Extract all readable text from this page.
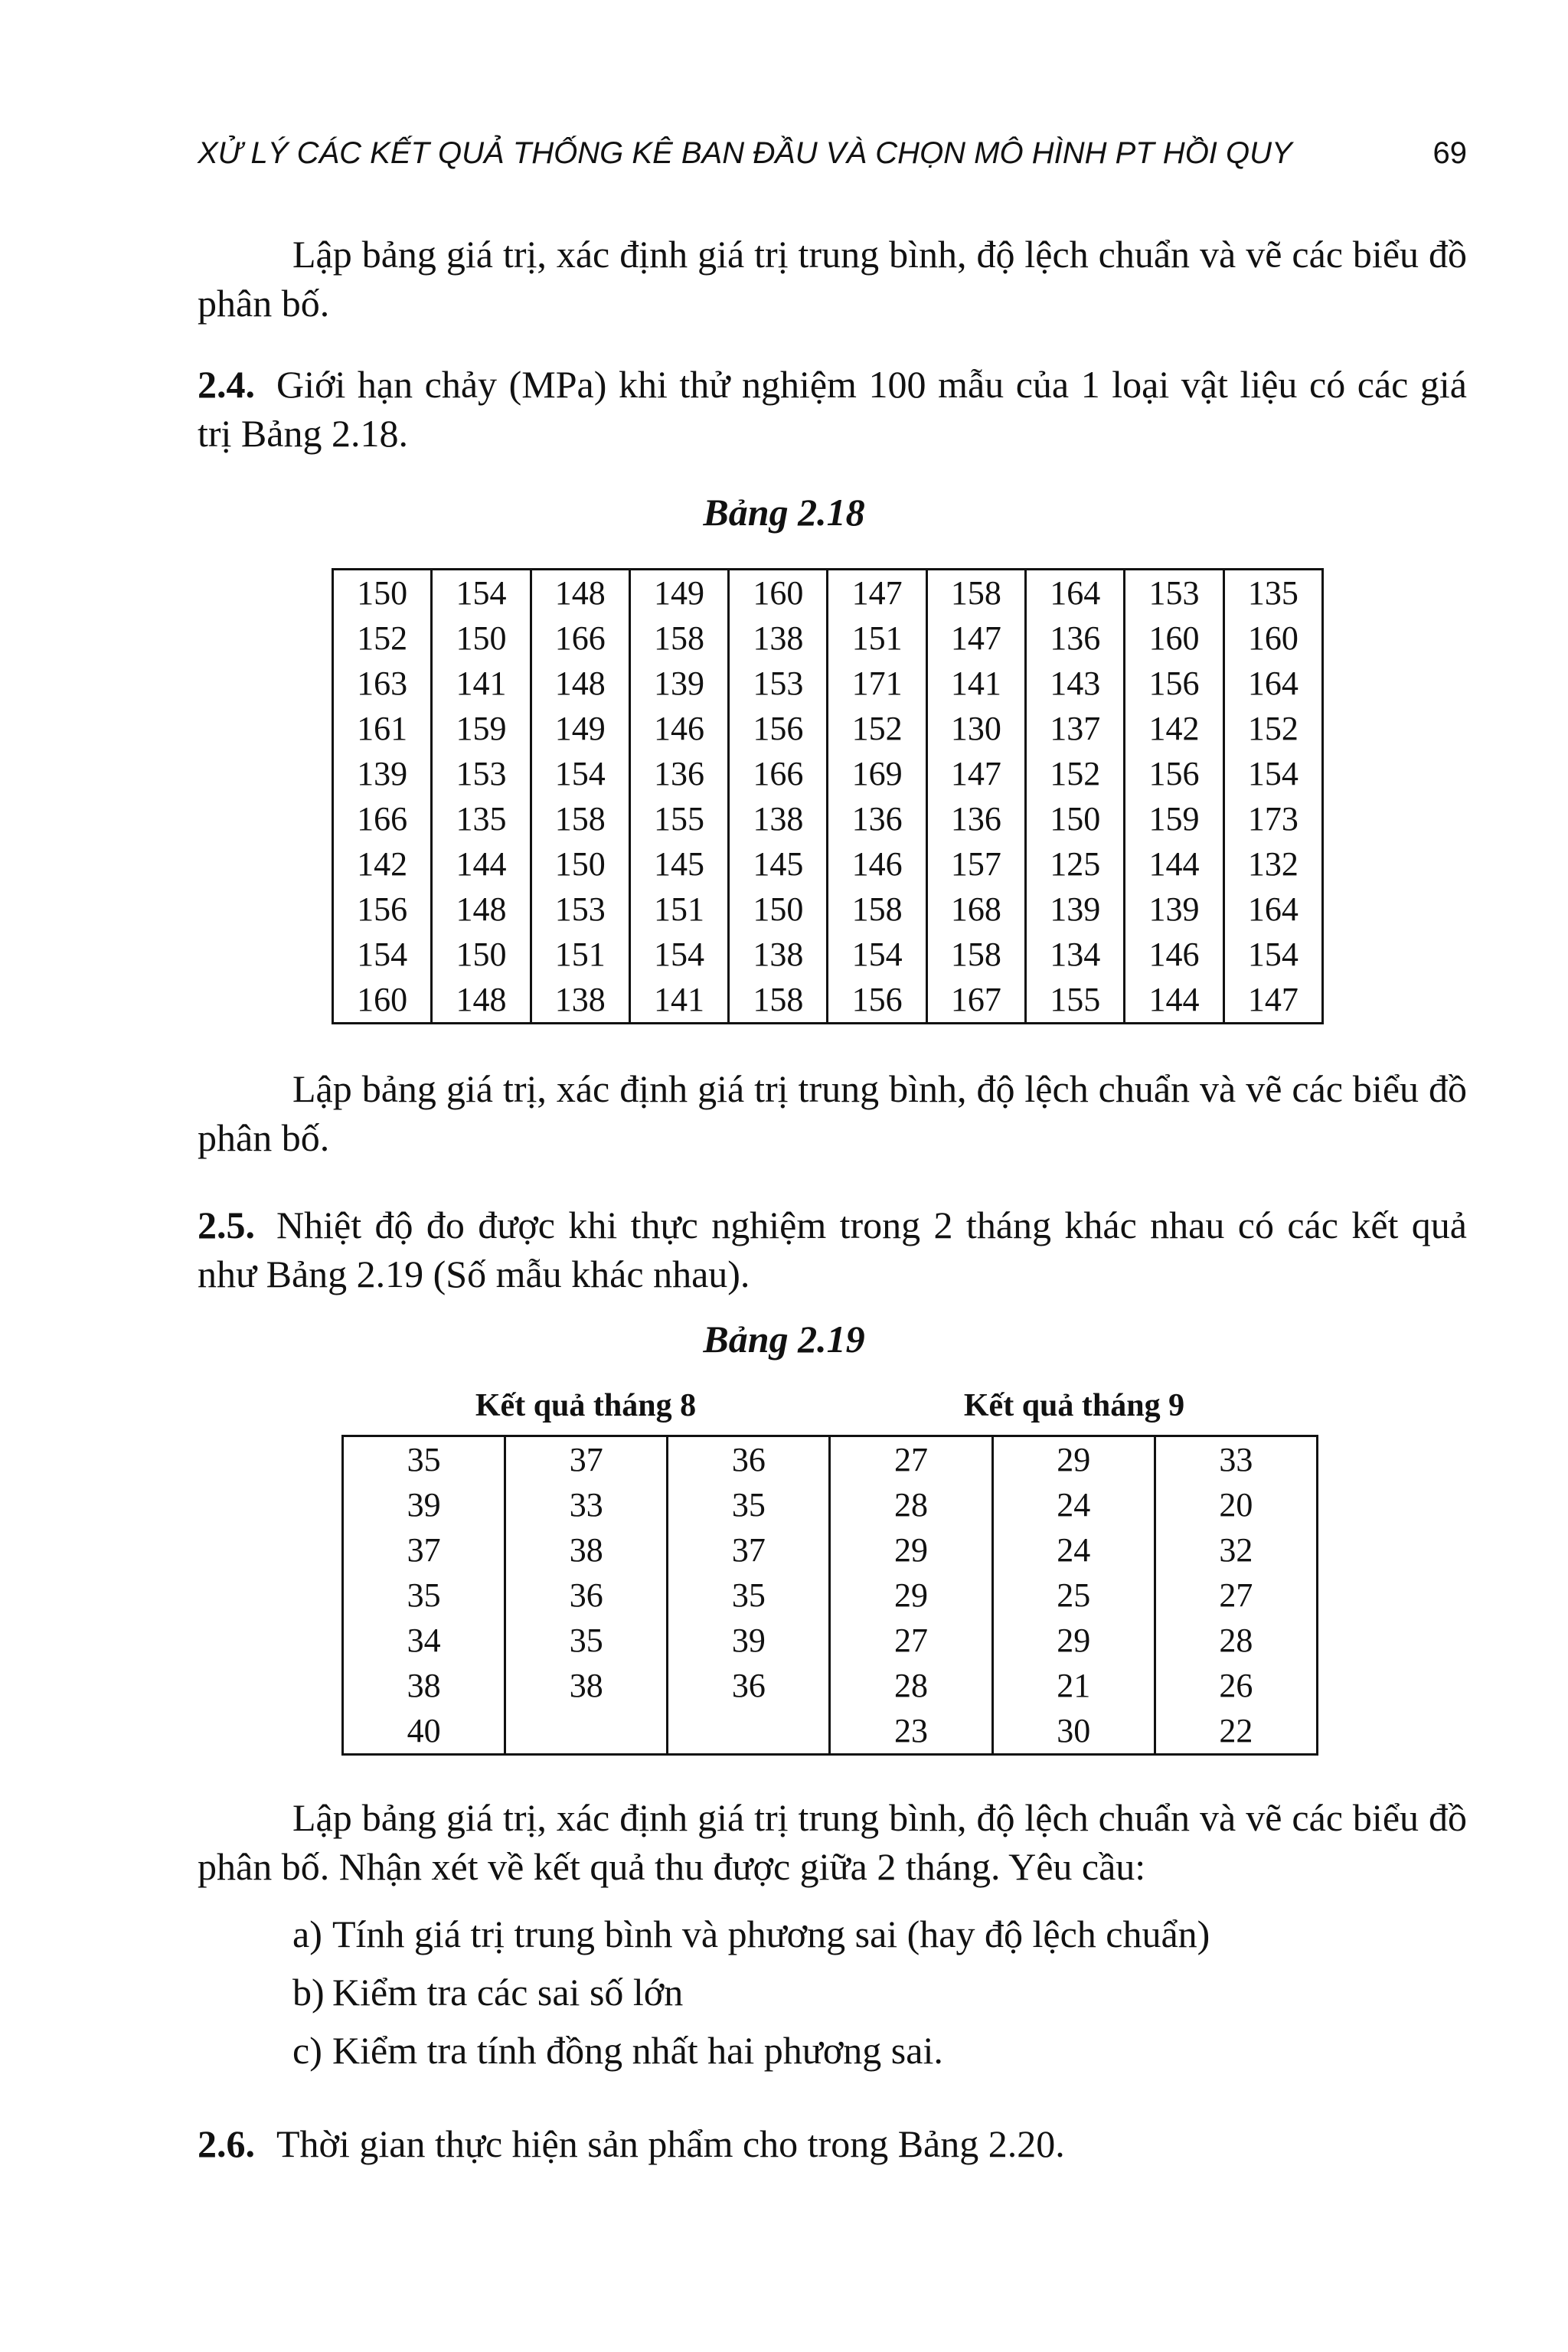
XỬ LÝ CÁC KẾT QUẢ THỐNG KÊ BAN ĐẦU VÀ CHỌN MÔ HÌNH PT HỒI QUY	69

Lập bảng giá trị, xác định giá trị trung bình, độ lệch chuẩn và vẽ các biểu đồ phân bố.

2.4. Giới hạn chảy (MPa) khi thử nghiệm 100 mẫu của 1 loại vật liệu có các giá trị Bảng 2.18.

Bảng 2.18
150	154	148	149	160	147	158	164	153	135
152	150	166	158	138	151	147	136	160	160
163	141	148	139	153	171	141	143	156	164
161	159	149	146	156	152	130	137	142	152
139	153	154	136	166	169	147	152	156	154
166	135	158	155	138	136	136	150	159	173
142	144	150	145	145	146	157	125	144	132
156	148	153	151	150	158	168	139	139	164
154	150	151	154	138	154	158	134	146	154
160	148	138	141	158	156	167	155	144	147

Lập bảng giá trị, xác định giá trị trung bình, độ lệch chuẩn và vẽ các biểu đồ phân bố.

2.5. Nhiệt độ đo được khi thực nghiệm trong 2 tháng khác nhau có các kết quả như Bảng 2.19 (Số mẫu khác nhau).

Bảng 2.19
Kết quả tháng 8	Kết quả tháng 9
35	37	36	27	29	33
39	33	35	28	24	20
37	38	37	29	24	32
35	36	35	29	25	27
34	35	39	27	29	28
38	38	36	28	21	26
40			23	30	22

Lập bảng giá trị, xác định giá trị trung bình, độ lệch chuẩn và vẽ các biểu đồ phân bố. Nhận xét về kết quả thu được giữa 2 tháng. Yêu cầu:

a) Tính giá trị trung bình và phương sai (hay độ lệch chuẩn)
b) Kiểm tra các sai số lớn
c) Kiểm tra tính đồng nhất hai phương sai.

2.6. Thời gian thực hiện sản phẩm cho trong Bảng 2.20.
